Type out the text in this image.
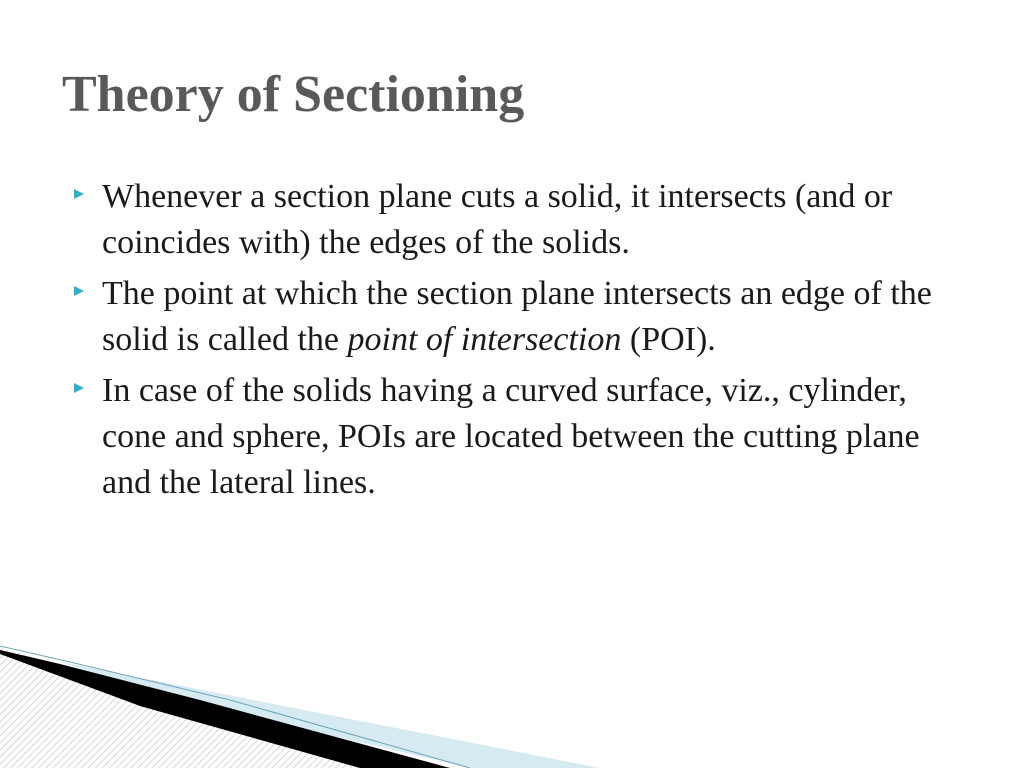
Theory of Sectioning
Whenever a section plane cuts a solid, it intersects (and or coincides with) the edges of the solids.
The point at which the section plane intersects an edge of the solid is called the point of intersection (POI).
In case of the solids having a curved surface, viz., cylinder, cone and sphere, POIs are located between the cutting plane and the lateral lines.
